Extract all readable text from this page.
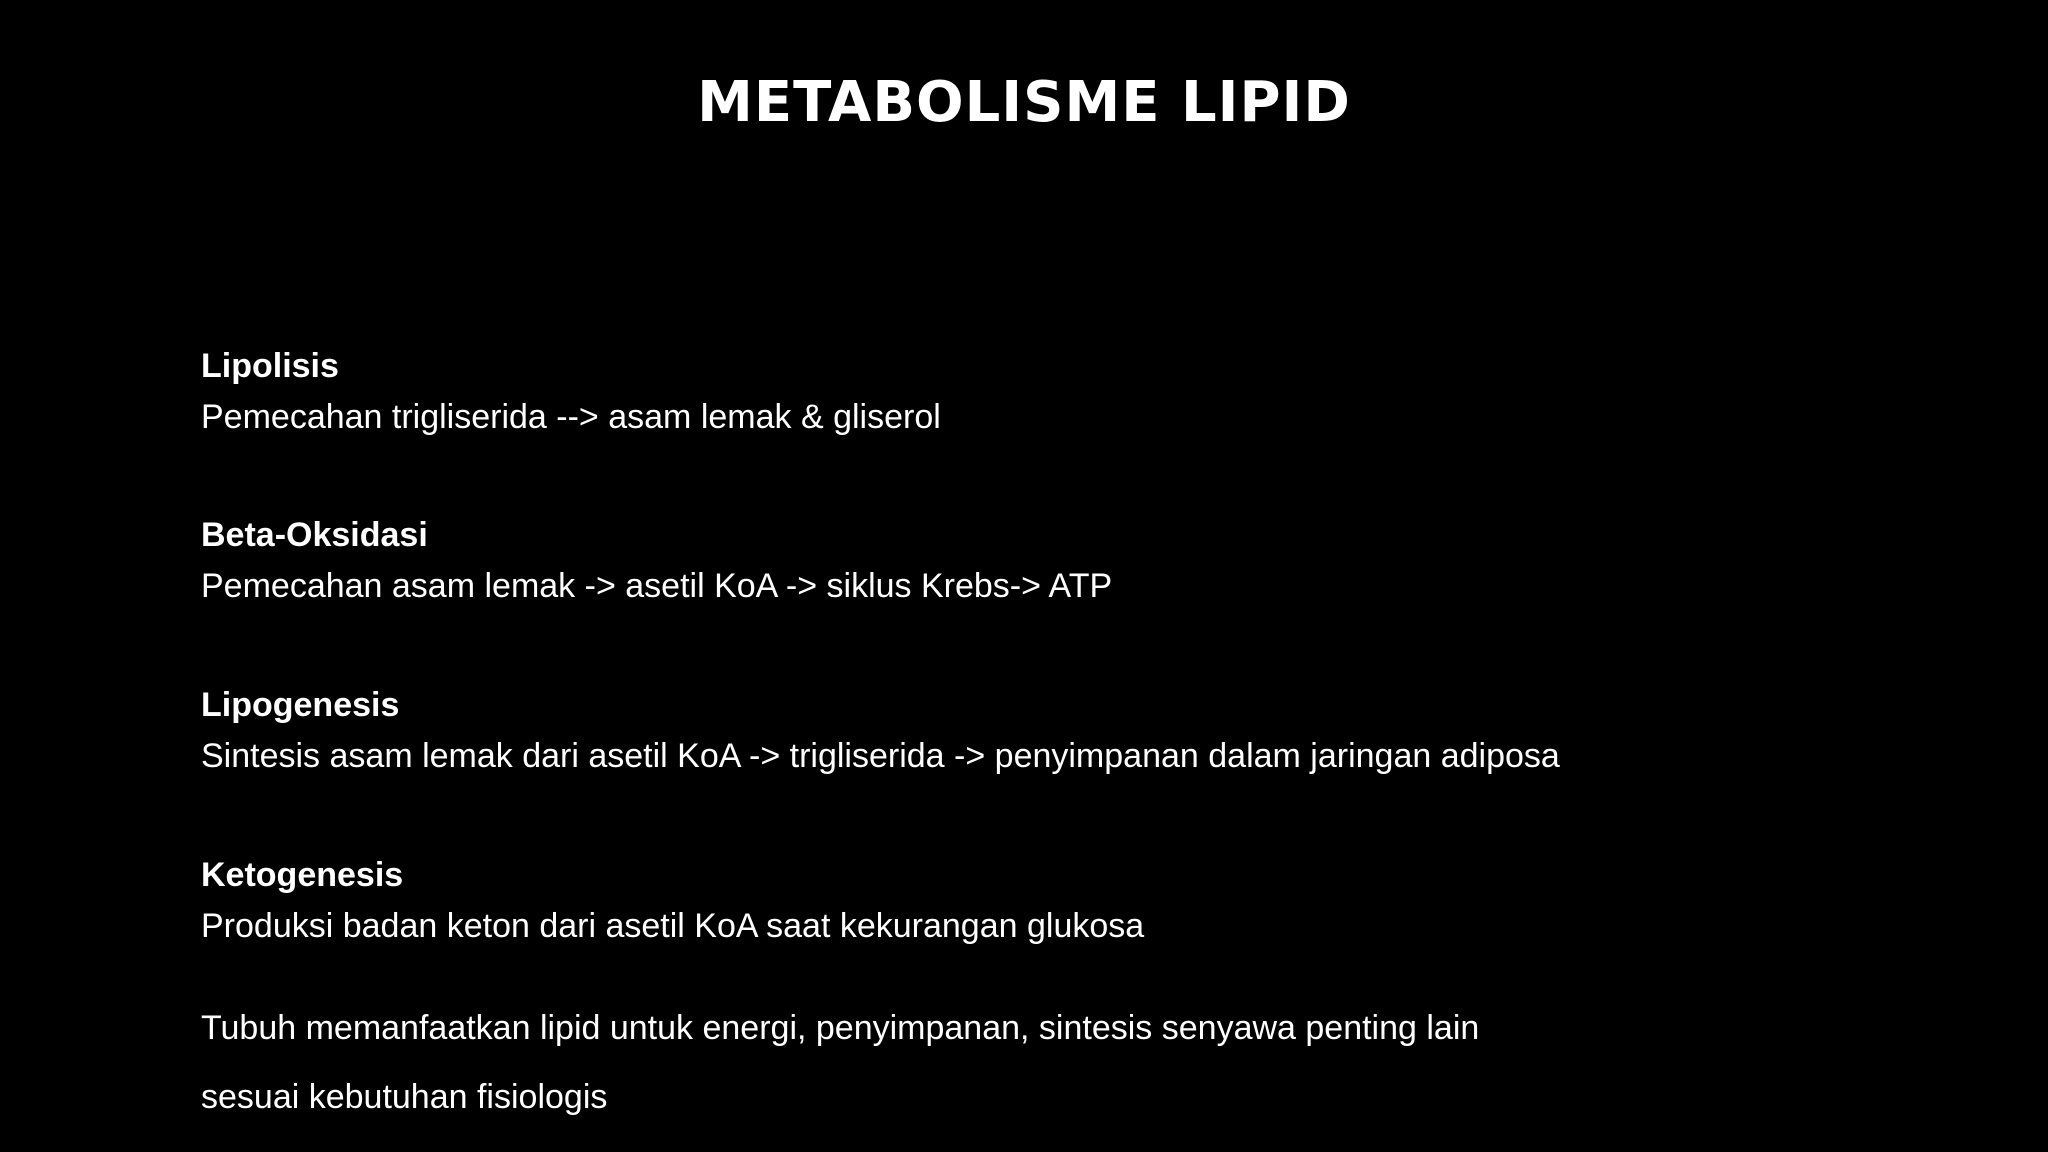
METABOLISME LIPID

Lipolisis

Pemecahan trigliserida --> asam lemak & gliserol

Beta-Oksidasi

Pemecahan asam lemak -> asetil KoA -> siklus Krebs-> ATP

Lipogenesis

Sintesis asam lemak dari asetil KoA -> trigliserida -> penyimpanan dalam jaringan adiposa

Ketogenesis

Produksi badan keton dari asetil KoA saat kekurangan glukosa

Tubuh memanfaatkan lipid untuk energi, penyimpanan, sintesis senyawa penting lain
sesuai kebutuhan fisiologis
